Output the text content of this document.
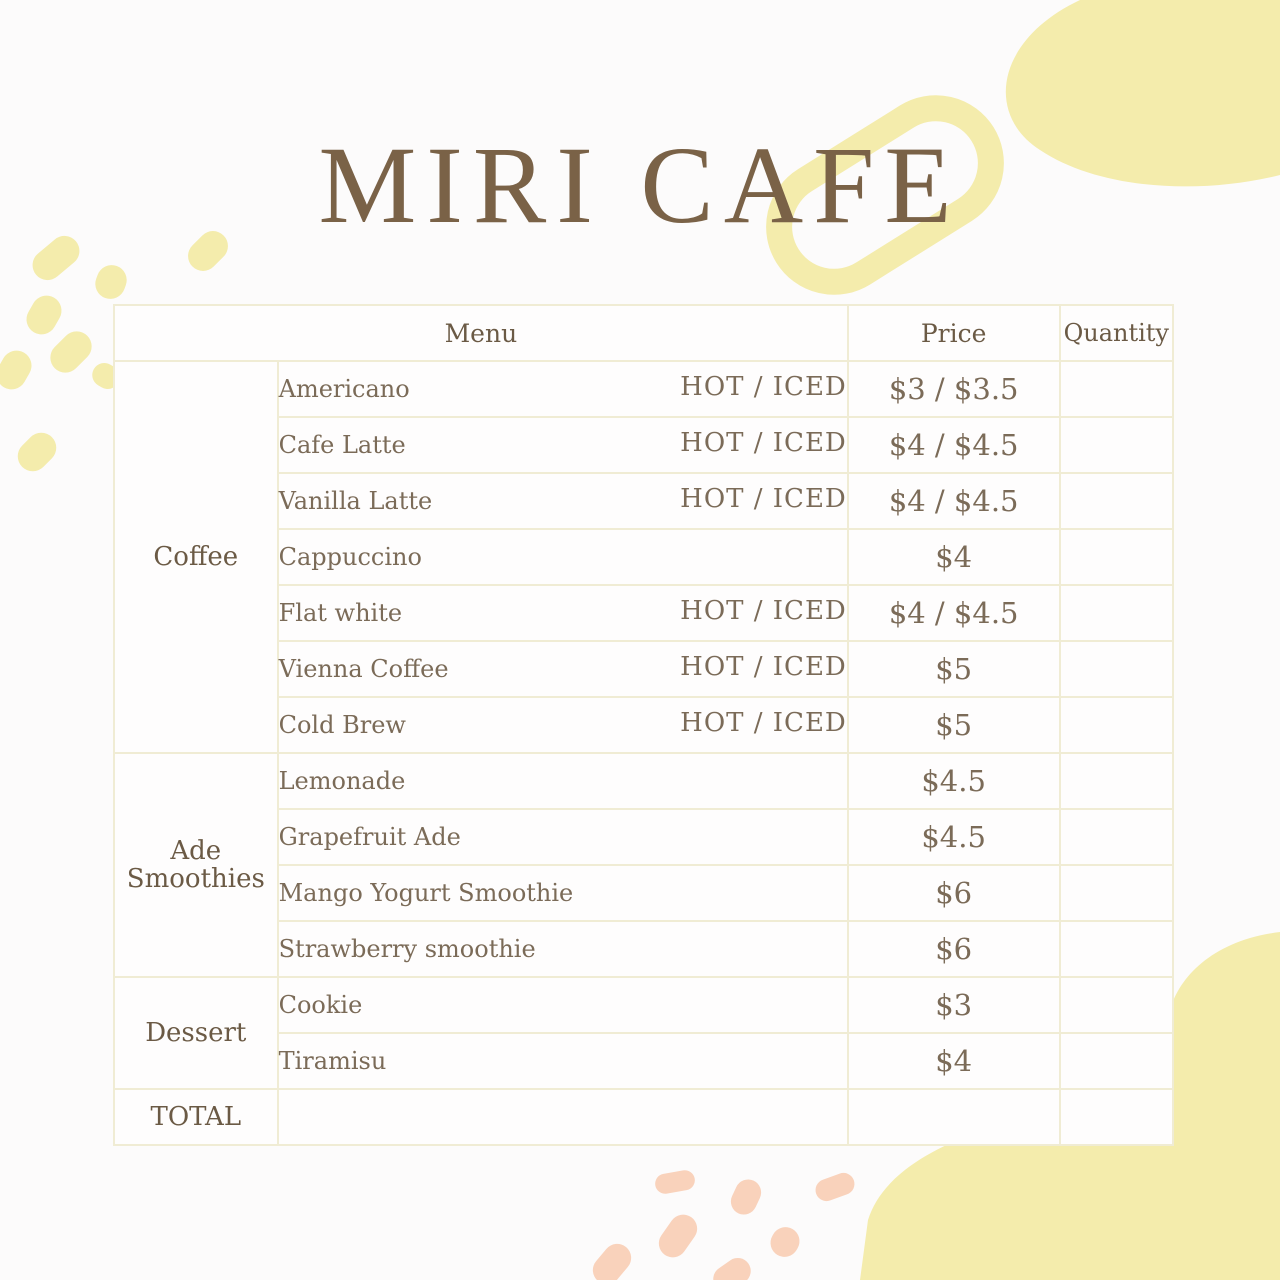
MIRI CAFE
Menu		Price	Quantity
Coffee	Americano HOT / ICED	$3 / $3.5	

	Cafe Latte HOT / ICED	$4 / $4.5	

	Vanilla Latte HOT / ICED	$4 / $4.5	

	Cappuccino	$4	

	Flat white HOT / ICED	$4 / $4.5	

	Vienna Coffee HOT / ICED	$5	

	Cold Brew HOT / ICED	$5	
Ade
Smoothies	Lemonade	$4.5	

	Grapefruit Ade	$4.5	

	Mango Yogurt Smoothie	$6	

	Strawberry smoothie	$6	
Dessert	Cookie	$3	

	Tiramisu	$4	
TOTAL			
